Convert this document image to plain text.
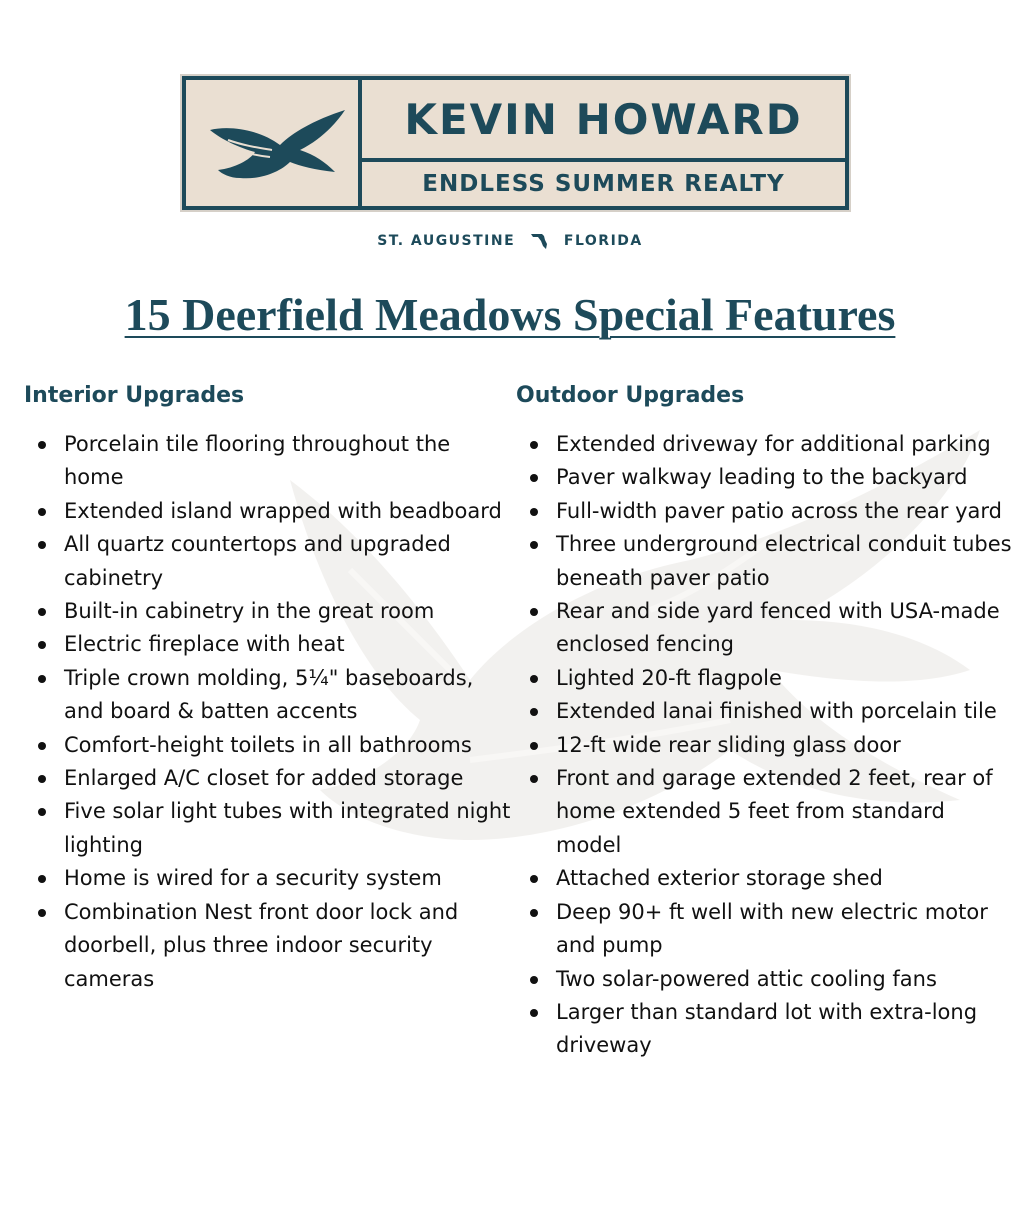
KEVIN HOWARD
ENDLESS SUMMER REALTY
ST. AUGUSTINE	FLORIDA
15 Deerfield Meadows Special Features
Interior Upgrades
Porcelain tile flooring throughout the home
Extended island wrapped with beadboard
All quartz countertops and upgraded cabinetry
Built-in cabinetry in the great room
Electric fireplace with heat
Triple crown molding, 5¼" baseboards, and board & batten accents
Comfort-height toilets in all bathrooms
Enlarged A/C closet for added storage
Five solar light tubes with integrated night lighting
Home is wired for a security system
Combination Nest front door lock and doorbell, plus three indoor security cameras
Outdoor Upgrades
Extended driveway for additional parking
Paver walkway leading to the backyard
Full-width paver patio across the rear yard
Three underground electrical conduit tubes beneath paver patio
Rear and side yard fenced with USA-made enclosed fencing
Lighted 20-ft flagpole
Extended lanai finished with porcelain tile
12-ft wide rear sliding glass door
Front and garage extended 2 feet, rear of home extended 5 feet from standard model
Attached exterior storage shed
Deep 90+ ft well with new electric motor and pump
Two solar-powered attic cooling fans
Larger than standard lot with extra-long driveway
